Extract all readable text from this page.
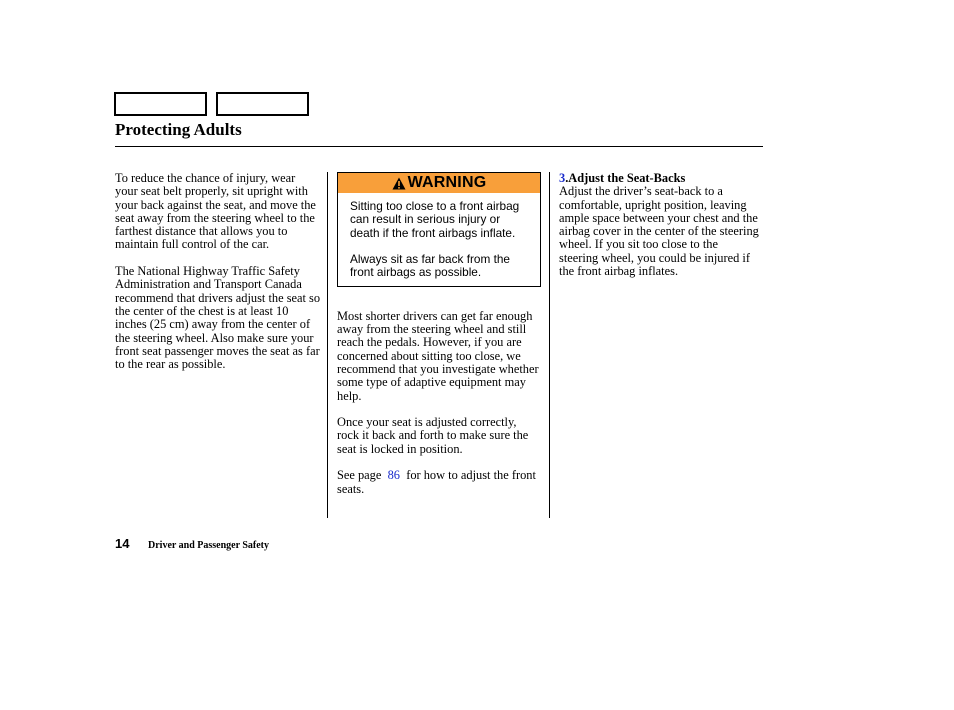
Protecting Adults

To reduce the chance of injury, wear your seat belt properly, sit upright with your back against the seat, and move the seat away from the steering wheel to the farthest distance that allows you to maintain full control of the car.

The National Highway Traffic Safety Administration and Transport Canada recommend that drivers adjust the seat so the center of the chest is at least 10 inches (25 cm) away from the center of the steering wheel. Also make sure your front seat passenger moves the seat as far to the rear as possible.

WARNING

Sitting too close to a front airbag can result in serious injury or death if the front airbags inflate.

Always sit as far back from the front airbags as possible.

Most shorter drivers can get far enough away from the steering wheel and still reach the pedals. However, if you are concerned about sitting too close, we recommend that you investigate whether some type of adaptive equipment may help.

Once your seat is adjusted correctly, rock it back and forth to make sure the seat is locked in position.

See page 86 for how to adjust the front seats.

3.Adjust the Seat-Backs
Adjust the driver’s seat-back to a comfortable, upright position, leaving ample space between your chest and the airbag cover in the center of the steering wheel. If you sit too close to the steering wheel, you could be injured if the front airbag inflates.
14 Driver and Passenger Safety
